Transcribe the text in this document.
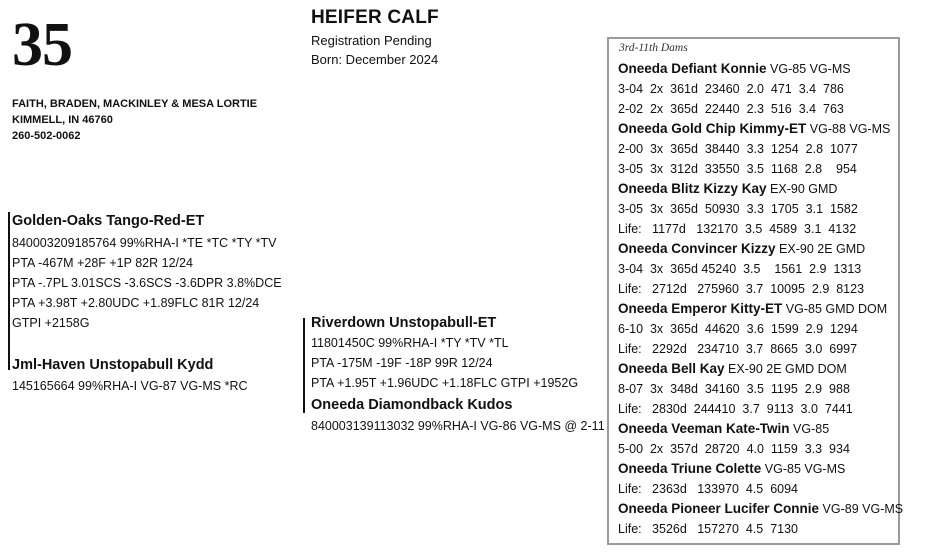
35
FAITH, BRADEN, MACKINLEY & MESA LORTIE
KIMMELL, IN 46760
260-502-0062
HEIFER CALF
Registration Pending
Born: December 2024
Golden-Oaks Tango-Red-ET
840003209185764 99%RHA-I *TE *TC *TY *TV
PTA -467M +28F +1P 82R 12/24
PTA -.7PL 3.01SCS -3.6SCS -3.6DPR 3.8%DCE
PTA +3.98T +2.80UDC +1.89FLC 81R 12/24
GTPI +2158G
Jml-Haven Unstopabull Kydd
145165664 99%RHA-I VG-87 VG-MS *RC
Riverdown Unstopabull-ET
11801450C 99%RHA-I *TY *TV *TL
PTA -175M -19F -18P 99R 12/24
PTA +1.95T +1.96UDC +1.18FLC GTPI +1952G
Oneeda Diamondback Kudos
840003139113032 99%RHA-I VG-86 VG-MS @ 2-11
3rd-11th Dams
Oneeda Defiant Konnie VG-85 VG-MS
3-04  2x  361d  23460  2.0  471  3.4  786
2-02  2x  365d  22440  2.3  516  3.4  763
Oneeda Gold Chip Kimmy-ET VG-88 VG-MS
2-00  3x  365d  38440  3.3  1254  2.8  1077
3-05  3x  312d  33550  3.5  1168  2.8    954
Oneeda Blitz Kizzy Kay EX-90 GMD
3-05  3x  365d  50930  3.3  1705  3.1  1582
Life:   1177d   132170  3.5  4589  3.1  4132
Oneeda Convincer Kizzy EX-90 2E GMD
3-04  3x  365d 45240  3.5    1561  2.9  1313
Life:   2712d   275960  3.7  10095  2.9  8123
Oneeda Emperor Kitty-ET VG-85 GMD DOM
6-10  3x  365d  44620  3.6  1599  2.9  1294
Life:   2292d   234710  3.7  8665  3.0  6997
Oneeda Bell Kay EX-90 2E GMD DOM
8-07  3x  348d  34160  3.5  1195  2.9  988
Life:   2830d  244410  3.7  9113  3.0  7441
Oneeda Veeman Kate-Twin VG-85
5-00  2x  357d  28720  4.0  1159  3.3  934
Oneeda Triune Colette VG-85 VG-MS
Life:   2363d   133970  4.5  6094
Oneeda Pioneer Lucifer Connie VG-89 VG-MS
Life:   3526d   157270  4.5  7130
